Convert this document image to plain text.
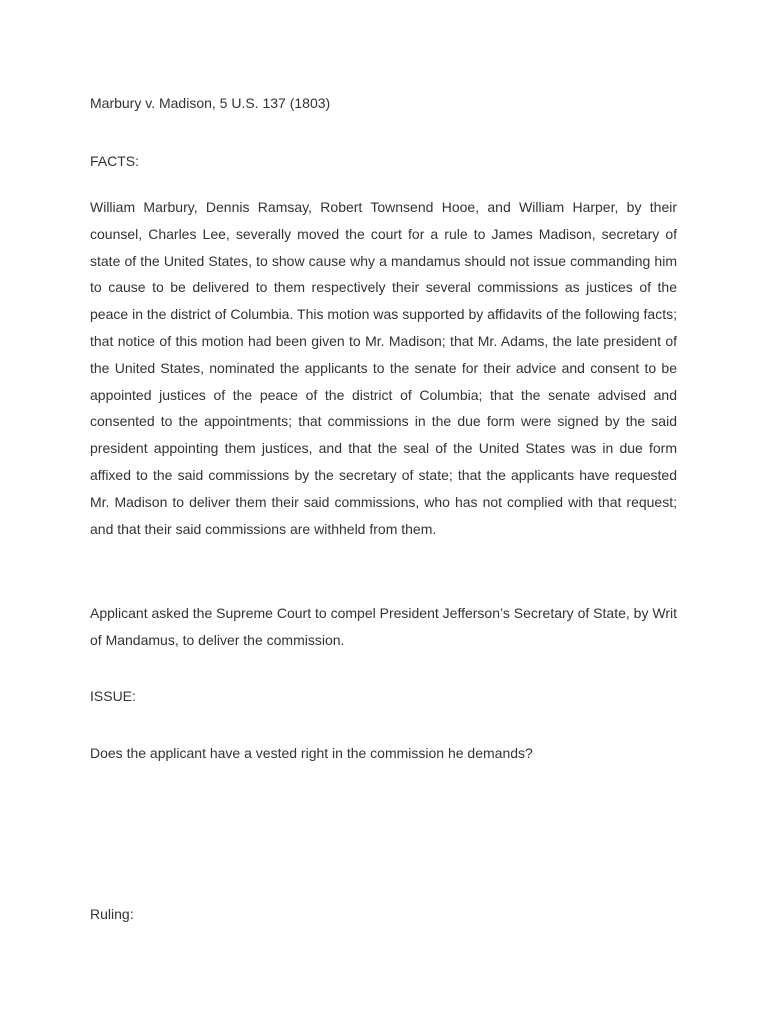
Marbury v. Madison, 5 U.S. 137 (1803)

FACTS:

William Marbury, Dennis Ramsay, Robert Townsend Hooe, and William Harper, by their counsel, Charles Lee, severally moved the court for a rule to James Madison, secretary of state of the United States, to show cause why a mandamus should not issue commanding him to cause to be delivered to them respectively their several commissions as justices of the peace in the district of Columbia. This motion was supported by affidavits of the following facts; that notice of this motion had been given to Mr. Madison; that Mr. Adams, the late president of the United States, nominated the applicants to the senate for their advice and consent to be appointed justices of the peace of the district of Columbia; that the senate advised and consented to the appointments; that commissions in the due form were signed by the said president appointing them justices, and that the seal of the United States was in due form affixed to the said commissions by the secretary of state; that the applicants have requested Mr. Madison to deliver them their said commissions, who has not complied with that request; and that their said commissions are withheld from them.

Applicant asked the Supreme Court to compel President Jefferson’s Secretary of State, by Writ of Mandamus, to deliver the commission.

ISSUE:

Does the applicant have a vested right in the commission he demands?

Ruling:
